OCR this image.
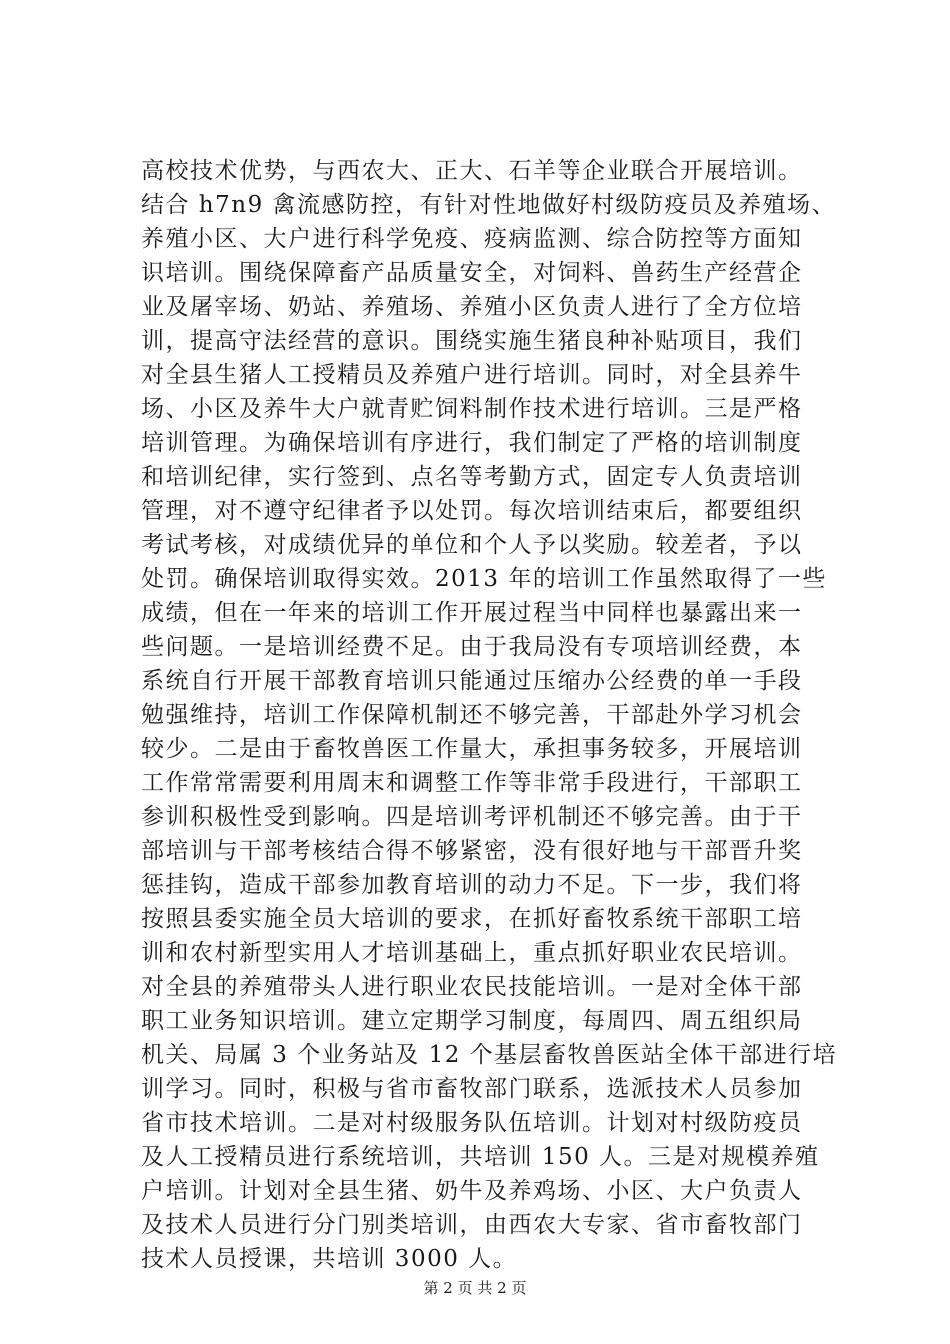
高校技术优势，与西农大、正大、石羊等企业联合开展培训。
结合 h7n9 禽流感防控，有针对性地做好村级防疫员及养殖场、
养殖小区、大户进行科学免疫、疫病监测、综合防控等方面知
识培训。围绕保障畜产品质量安全，对饲料、兽药生产经营企
业及屠宰场、奶站、养殖场、养殖小区负责人进行了全方位培
训，提高守法经营的意识。围绕实施生猪良种补贴项目，我们
对全县生猪人工授精员及养殖户进行培训。同时，对全县养牛
场、小区及养牛大户就青贮饲料制作技术进行培训。三是严格
培训管理。为确保培训有序进行，我们制定了严格的培训制度
和培训纪律，实行签到、点名等考勤方式，固定专人负责培训
管理，对不遵守纪律者予以处罚。每次培训结束后，都要组织
考试考核，对成绩优异的单位和个人予以奖励。较差者，予以
处罚。确保培训取得实效。2013 年的培训工作虽然取得了一些
成绩，但在一年来的培训工作开展过程当中同样也暴露出来一
些问题。一是培训经费不足。由于我局没有专项培训经费，本
系统自行开展干部教育培训只能通过压缩办公经费的单一手段
勉强维持，培训工作保障机制还不够完善，干部赴外学习机会
较少。二是由于畜牧兽医工作量大，承担事务较多，开展培训
工作常常需要利用周末和调整工作等非常手段进行，干部职工
参训积极性受到影响。四是培训考评机制还不够完善。由于干
部培训与干部考核结合得不够紧密，没有很好地与干部晋升奖
惩挂钩，造成干部参加教育培训的动力不足。下一步，我们将
按照县委实施全员大培训的要求，在抓好畜牧系统干部职工培
训和农村新型实用人才培训基础上，重点抓好职业农民培训。
对全县的养殖带头人进行职业农民技能培训。一是对全体干部
职工业务知识培训。建立定期学习制度，每周四、周五组织局
机关、局属 3 个业务站及 12 个基层畜牧兽医站全体干部进行培
训学习。同时，积极与省市畜牧部门联系，选派技术人员参加
省市技术培训。二是对村级服务队伍培训。计划对村级防疫员
及人工授精员进行系统培训，共培训 150 人。三是对规模养殖
户培训。计划对全县生猪、奶牛及养鸡场、小区、大户负责人
及技术人员进行分门别类培训，由西农大专家、省市畜牧部门
技术人员授课，共培训 3000 人。
第 2 页 共 2 页
